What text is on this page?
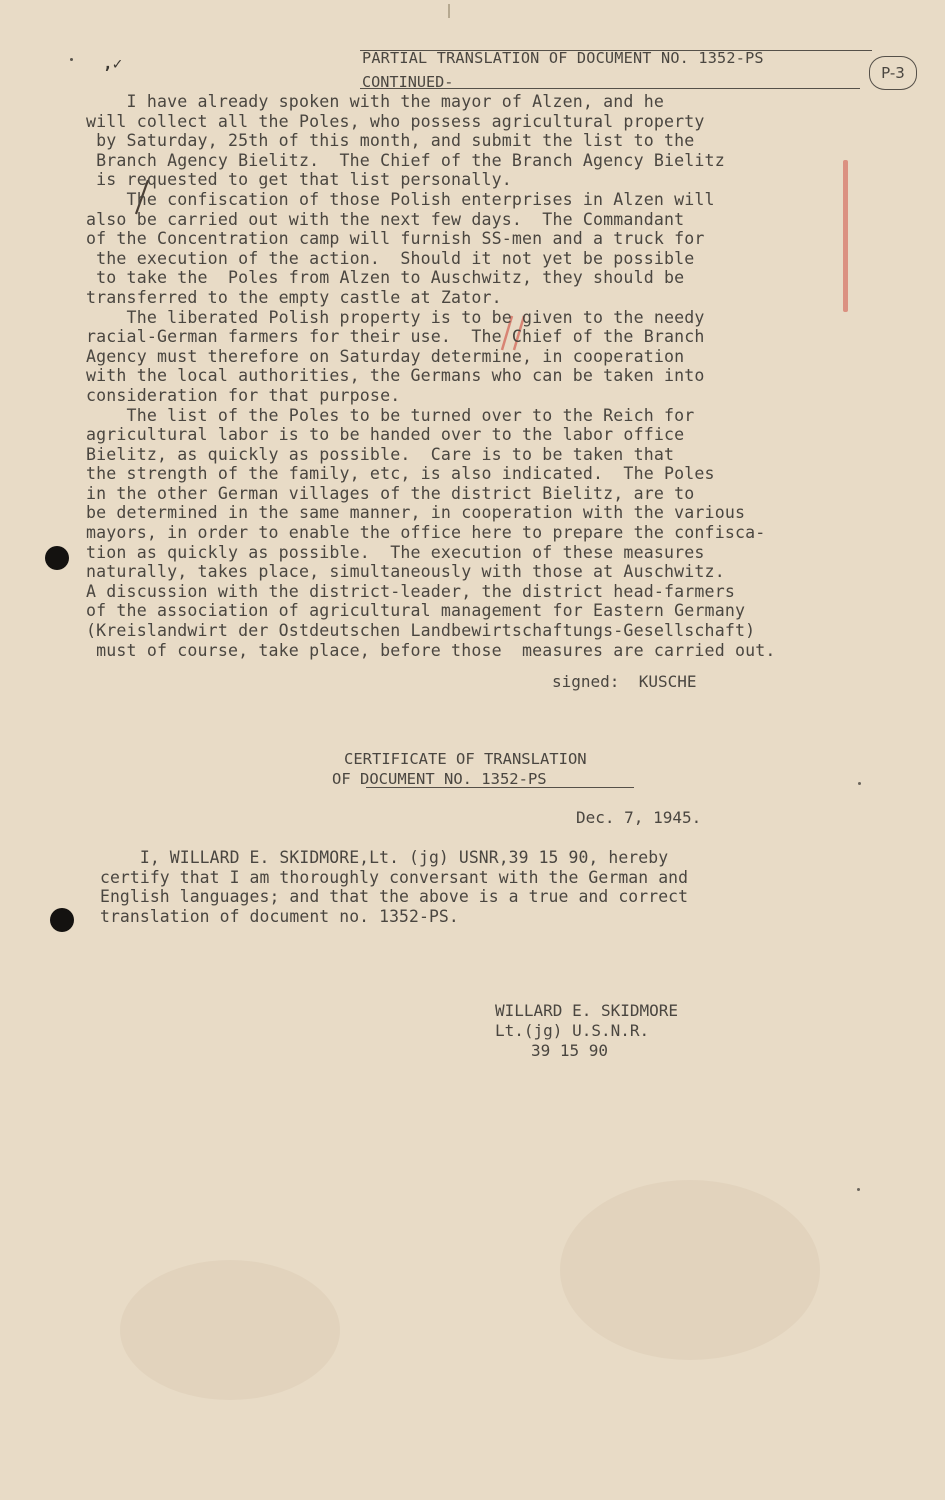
,✓	PARTIAL TRANSLATION OF DOCUMENT NO. 1352-PS
CONTINUED-	P-3
I have already spoken with the mayor of Alzen, and he
will collect all the Poles, who possess agricultural property
by Saturday, 25th of this month, and submit the list to the
Branch Agency Bielitz.  The Chief of the Branch Agency Bielitz
is requested to get that list personally.
The confiscation of those Polish enterprises in Alzen will
also be carried out with the next few days.  The Commandant
of the Concentration camp will furnish SS-men and a truck for
the execution of the action.  Should it not yet be possible
to take the  Poles from Alzen to Auschwitz, they should be
transferred to the empty castle at Zator.
The liberated Polish property is to be given to the needy
racial-German farmers for their use.  The Chief of the Branch
Agency must therefore on Saturday determine, in cooperation
with the local authorities, the Germans who can be taken into
consideration for that purpose.
The list of the Poles to be turned over to the Reich for
agricultural labor is to be handed over to the labor office
Bielitz, as quickly as possible.  Care is to be taken that
the strength of the family, etc, is also indicated.  The Poles
in the other German villages of the district Bielitz, are to
be determined in the same manner, in cooperation with the various
mayors, in order to enable the office here to prepare the confisca-
tion as quickly as possible.  The execution of these measures
naturally, takes place, simultaneously with those at Auschwitz.
A discussion with the district-leader, the district head-farmers
of the association of agricultural management for Eastern Germany
(Kreislandwirt der Ostdeutschen Landbewirtschaftungs-Gesellschaft)
must of course, take place, before those  measures are carried out.
signed:  KUSCHE
CERTIFICATE OF TRANSLATION
OF DOCUMENT NO. 1352-PS
Dec. 7, 1945.
I, WILLARD E. SKIDMORE,Lt. (jg) USNR,39 15 90, hereby
certify that I am thoroughly conversant with the German and
English languages; and that the above is a true and correct
translation of document no. 1352-PS.
WILLARD E. SKIDMORE
Lt.(jg) U.S.N.R.
39 15 90
